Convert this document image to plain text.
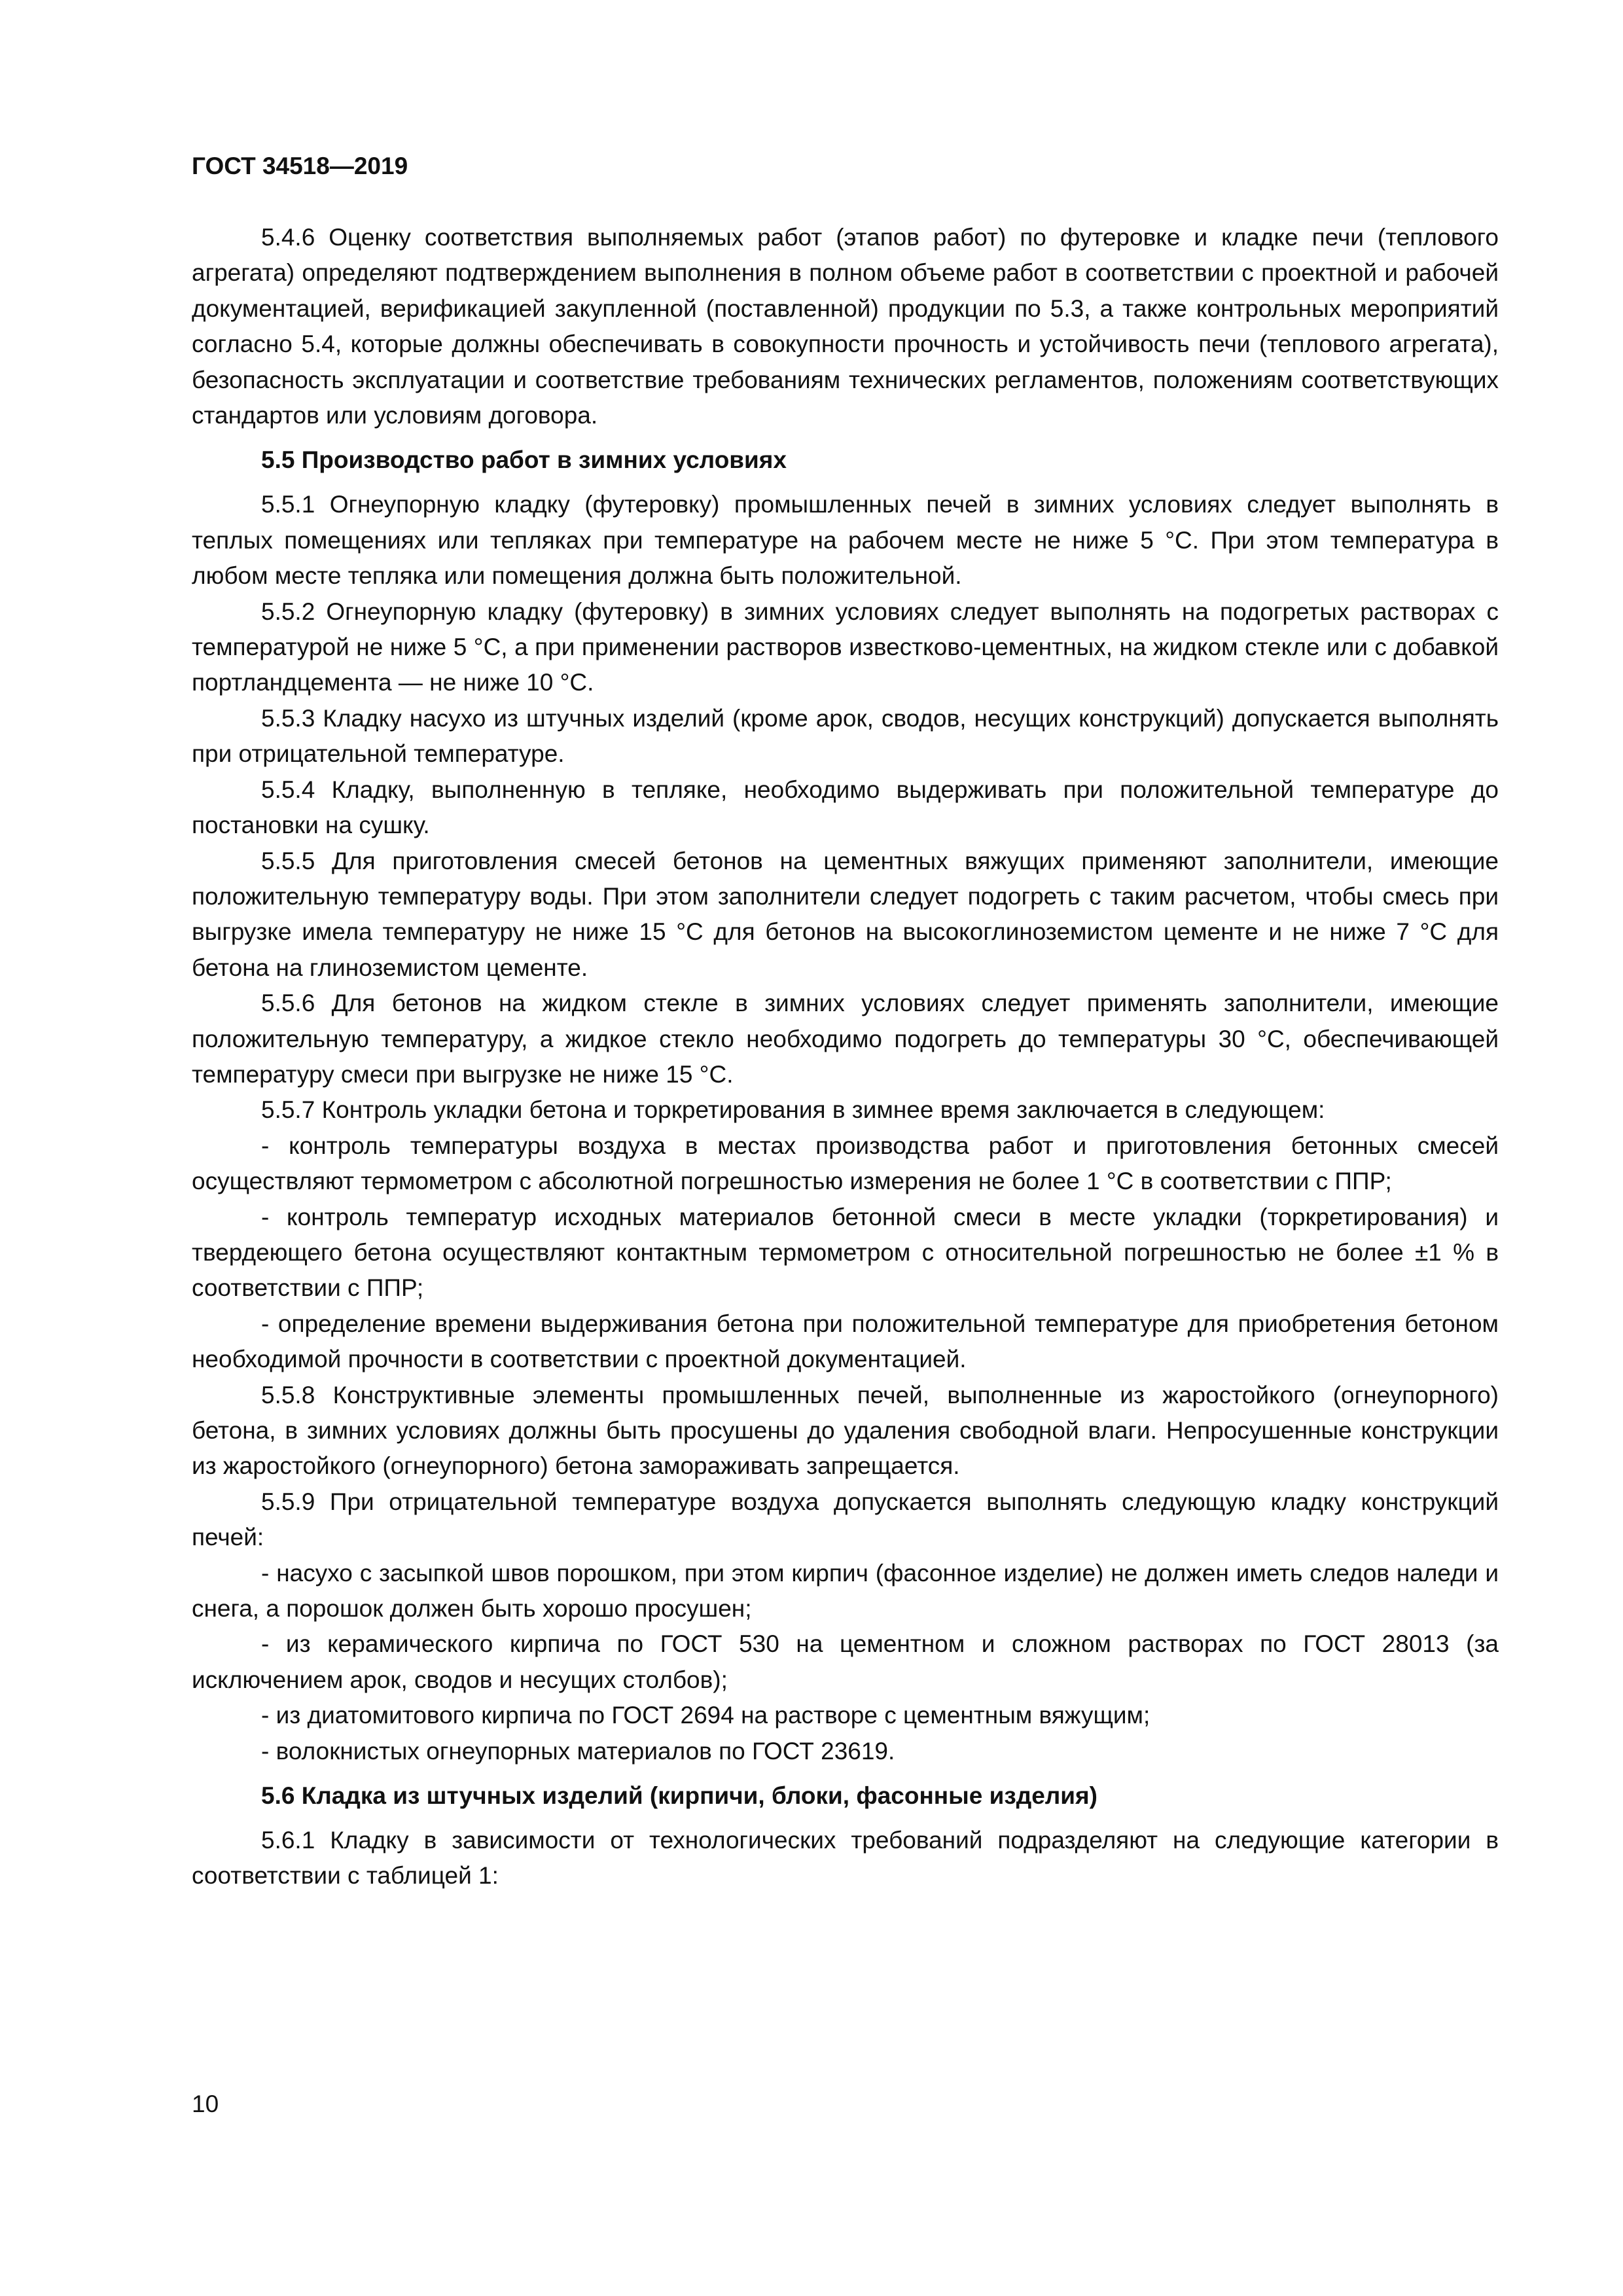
ГОСТ 34518—2019

5.4.6 Оценку соответствия выполняемых работ (этапов работ) по футеровке и кладке печи (теплового агрегата) определяют подтверждением выполнения в полном объеме работ в соответствии с проектной и рабочей документацией, верификацией закупленной (поставленной) продукции по 5.3, а также контрольных мероприятий согласно 5.4, которые должны обеспечивать в совокупности прочность и устойчивость печи (теплового агрегата), безопасность эксплуатации и соответствие требованиям технических регламентов, положениям соответствующих стандартов или условиям договора.

5.5 Производство работ в зимних условиях

5.5.1 Огнеупорную кладку (футеровку) промышленных печей в зимних условиях следует выполнять в теплых помещениях или тепляках при температуре на рабочем месте не ниже 5 °С. При этом температура в любом месте тепляка или помещения должна быть положительной.

5.5.2 Огнеупорную кладку (футеровку) в зимних условиях следует выполнять на подогретых растворах с температурой не ниже 5 °С, а при применении растворов известково-цементных, на жидком стекле или с добавкой портландцемента — не ниже 10 °С.

5.5.3 Кладку насухо из штучных изделий (кроме арок, сводов, несущих конструкций) допускается выполнять при отрицательной температуре.

5.5.4 Кладку, выполненную в тепляке, необходимо выдерживать при положительной температуре до постановки на сушку.

5.5.5 Для приготовления смесей бетонов на цементных вяжущих применяют заполнители, имеющие положительную температуру воды. При этом заполнители следует подогреть с таким расчетом, чтобы смесь при выгрузке имела температуру не ниже 15 °С для бетонов на высокоглиноземистом цементе и не ниже 7 °С для бетона на глиноземистом цементе.

5.5.6 Для бетонов на жидком стекле в зимних условиях следует применять заполнители, имеющие положительную температуру, а жидкое стекло необходимо подогреть до температуры 30 °С, обеспечивающей температуру смеси при выгрузке не ниже 15 °С.

5.5.7 Контроль укладки бетона и торкретирования в зимнее время заключается в следующем:

- контроль температуры воздуха в местах производства работ и приготовления бетонных смесей осуществляют термометром с абсолютной погрешностью измерения не более 1 °С в соответствии с ППР;

- контроль температур исходных материалов бетонной смеси в месте укладки (торкретирования) и твердеющего бетона осуществляют контактным термометром с относительной погрешностью не более ±1 % в соответствии с ППР;

- определение времени выдерживания бетона при положительной температуре для приобретения бетоном необходимой прочности в соответствии с проектной документацией.

5.5.8 Конструктивные элементы промышленных печей, выполненные из жаростойкого (огнеупорного) бетона, в зимних условиях должны быть просушены до удаления свободной влаги. Непросушенные конструкции из жаростойкого (огнеупорного) бетона замораживать запрещается.

5.5.9 При отрицательной температуре воздуха допускается выполнять следующую кладку конструкций печей:

- насухо с засыпкой швов порошком, при этом кирпич (фасонное изделие) не должен иметь следов наледи и снега, а порошок должен быть хорошо просушен;

- из керамического кирпича по ГОСТ 530 на цементном и сложном растворах по ГОСТ 28013 (за исключением арок, сводов и несущих столбов);

- из диатомитового кирпича по ГОСТ 2694 на растворе с цементным вяжущим;

- волокнистых огнеупорных материалов по ГОСТ 23619.

5.6 Кладка из штучных изделий (кирпичи, блоки, фасонные изделия)

5.6.1 Кладку в зависимости от технологических требований подразделяют на следующие категории в соответствии с таблицей 1:

10
